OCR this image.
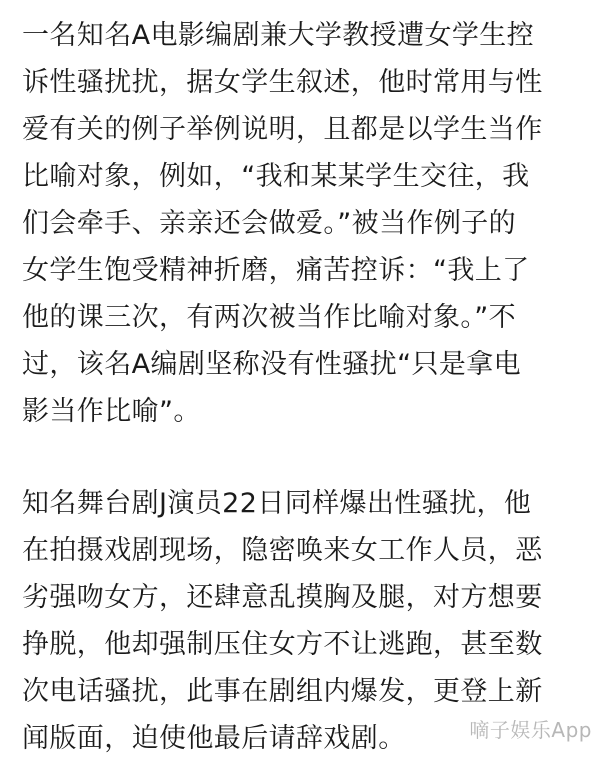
一名知名A电影编剧兼大学教授遭女学生控
诉性骚扰扰，据女学生叙述，他时常用与性
爱有关的例子举例说明，且都是以学生当作
比喻对象，例如，“我和某某学生交往，我
们会牵手、亲亲还会做爱。”被当作例子的
女学生饱受精神折磨，痛苦控诉：“我上了
他的课三次，有两次被当作比喻对象。”不
过，该名A编剧坚称没有性骚扰“只是拿电
影当作比喻”。
知名舞台剧J演员22日同样爆出性骚扰，他
在拍摄戏剧现场，隐密唤来女工作人员，恶
劣强吻女方，还肆意乱摸胸及腿，对方想要
挣脱，他却强制压住女方不让逃跑，甚至数
次电话骚扰，此事在剧组内爆发，更登上新
闻版面，迫使他最后请辞戏剧。	嘀子娱乐App
